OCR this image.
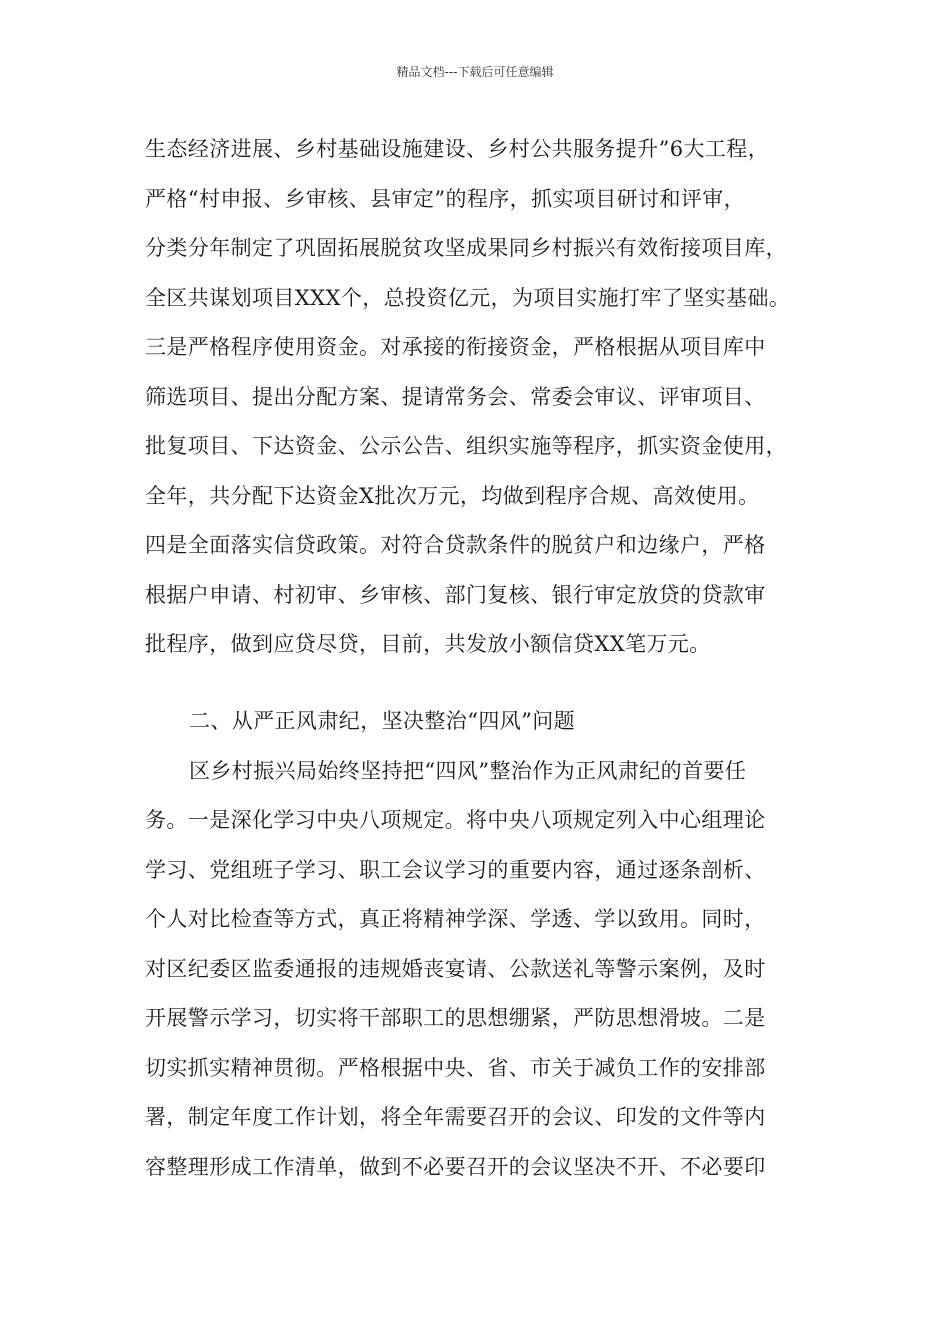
精品文档---下载后可任意编辑
生态经济进展、乡村基础设施建设、乡村公共服务提升”6大工程，
严格“村申报、乡审核、县审定”的程序，抓实项目研讨和评审，
分类分年制定了巩固拓展脱贫攻坚成果同乡村振兴有效衔接项目库，
全区共谋划项目XXX个，总投资亿元，为项目实施打牢了坚实基础。
三是严格程序使用资金。对承接的衔接资金，严格根据从项目库中
筛选项目、提出分配方案、提请常务会、常委会审议、评审项目、
批复项目、下达资金、公示公告、组织实施等程序，抓实资金使用，
全年，共分配下达资金X批次万元，均做到程序合规、高效使用。
四是全面落实信贷政策。对符合贷款条件的脱贫户和边缘户，严格
根据户申请、村初审、乡审核、部门复核、银行审定放贷的贷款审
批程序，做到应贷尽贷，目前，共发放小额信贷XX笔万元。
二、从严正风肃纪，坚决整治“四风”问题
区乡村振兴局始终坚持把“四风”整治作为正风肃纪的首要任
务。一是深化学习中央八项规定。将中央八项规定列入中心组理论
学习、党组班子学习、职工会议学习的重要内容，通过逐条剖析、
个人对比检查等方式，真正将精神学深、学透、学以致用。同时，
对区纪委区监委通报的违规婚丧宴请、公款送礼等警示案例，及时
开展警示学习，切实将干部职工的思想绷紧，严防思想滑坡。二是
切实抓实精神贯彻。严格根据中央、省、市关于减负工作的安排部
署，制定年度工作计划，将全年需要召开的会议、印发的文件等内
容整理形成工作清单，做到不必要召开的会议坚决不开、不必要印
